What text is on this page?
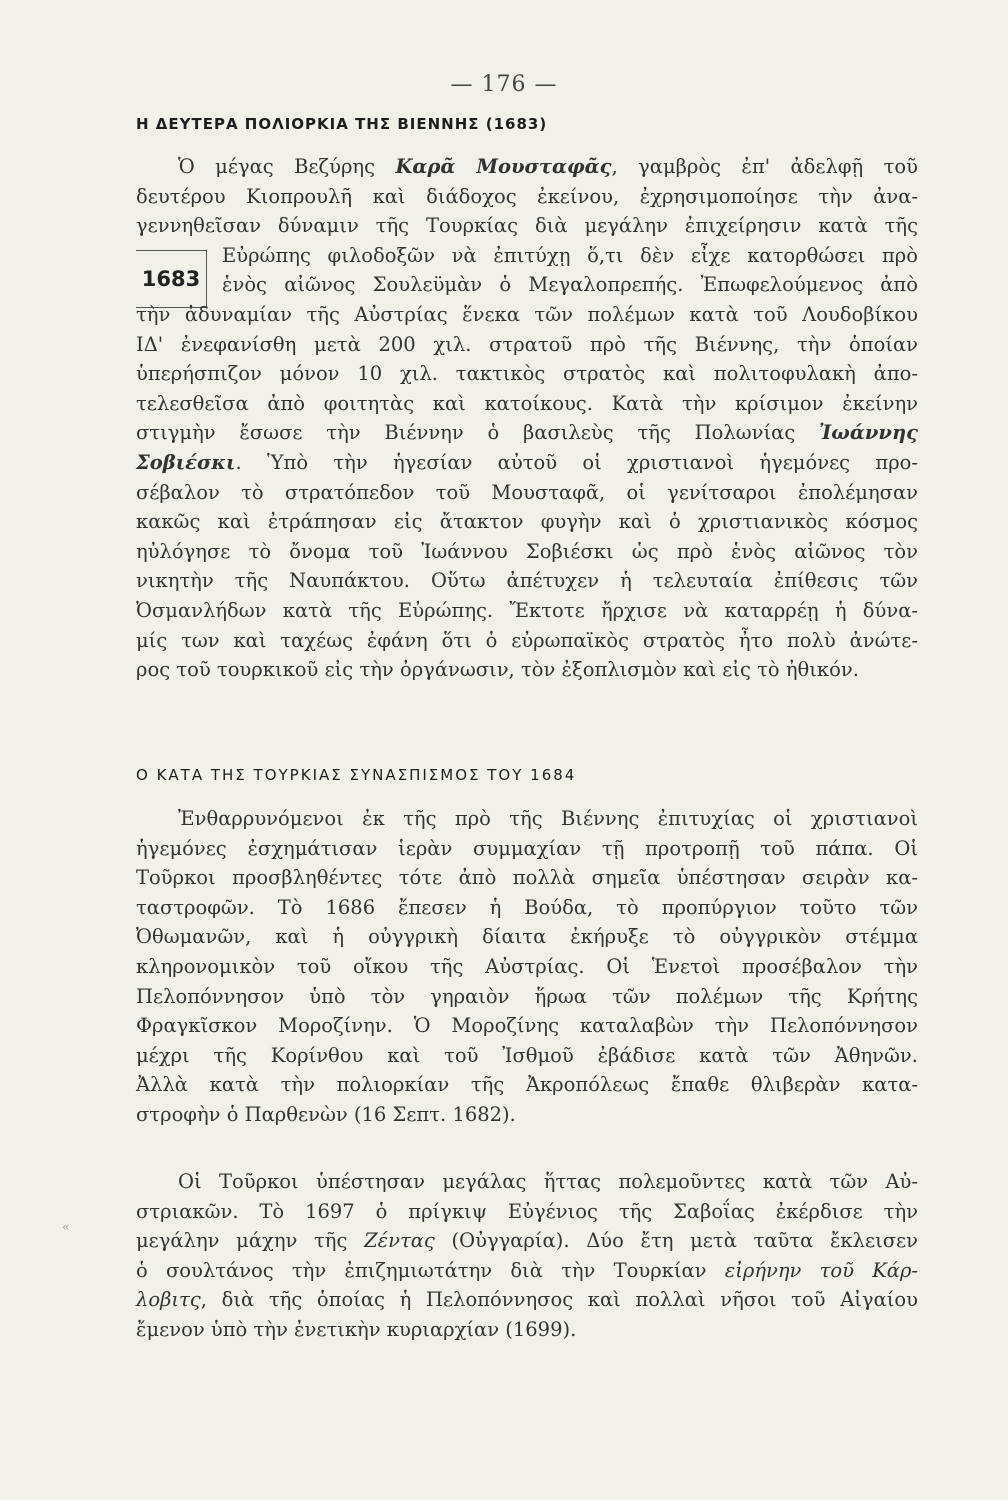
— 176 —
Η ΔΕΥΤΕΡΑ ΠΟΛΙΟΡΚΙΑ ΤΗΣ ΒΙΕΝΝΗΣ (1683)
1683
Ὁ μέγας Βεζύρης Καρᾶ Μουσταφᾶς, γαμβρὸς ἐπ' ἀδελφῇ τοῦ
δευτέρου Κιοπρουλῆ καὶ διάδοχος ἐκείνου, ἐχρησιμοποίησε τὴν ἀνα-
γεννηθεῖσαν δύναμιν τῆς Τουρκίας διὰ μεγάλην ἐπιχείρησιν κατὰ τῆς
Εὐρώπης φιλοδοξῶν νὰ ἐπιτύχῃ ὅ,τι δὲν εἶχε κατορθώσει πρὸ
ἑνὸς αἰῶνος Σουλεϋμὰν ὁ Μεγαλοπρεπής. Ἐπωφελούμενος ἀπὸ
τὴν ἀδυναμίαν τῆς Αὐστρίας ἕνεκα τῶν πολέμων κατὰ τοῦ Λουδοβίκου
ΙΔ' ἐνεφανίσθη μετὰ 200 χιλ. στρατοῦ πρὸ τῆς Βιέννης, τὴν ὁποίαν
ὑπερήσπιζον μόνον 10 χιλ. τακτικὸς στρατὸς καὶ πολιτοφυλακὴ ἀπο-
τελεσθεῖσα ἀπὸ φοιτητὰς καὶ κατοίκους. Κατὰ τὴν κρίσιμον ἐκείνην
στιγμὴν ἔσωσε τὴν Βιέννην ὁ βασιλεὺς τῆς Πολωνίας Ἰωάννης
Σοβιέσκι. Ὑπὸ τὴν ἡγεσίαν αὐτοῦ οἱ χριστιανοὶ ἡγεμόνες προ-
σέβαλον τὸ στρατόπεδον τοῦ Μουσταφᾶ, οἱ γενίτσαροι ἐπολέμησαν
κακῶς καὶ ἐτράπησαν εἰς ἄτακτον φυγὴν καὶ ὁ χριστιανικὸς κόσμος
ηὐλόγησε τὸ ὄνομα τοῦ Ἰωάννου Σοβιέσκι ὡς πρὸ ἑνὸς αἰῶνος τὸν
νικητὴν τῆς Ναυπάκτου. Οὕτω ἀπέτυχεν ἡ τελευταία ἐπίθεσις τῶν
Ὀσμανλήδων κατὰ τῆς Εὐρώπης. Ἔκτοτε ἤρχισε νὰ καταρρέῃ ἡ δύνα-
μίς των καὶ ταχέως ἐφάνη ὅτι ὁ εὐρωπαϊκὸς στρατὸς ἦτο πολὺ ἀνώτε-
ρος τοῦ τουρκικοῦ εἰς τὴν ὀργάνωσιν, τὸν ἐξοπλισμὸν καὶ εἰς τὸ ἠθικόν.
Ο ΚΑΤΑ ΤΗΣ ΤΟΥΡΚΙΑΣ ΣΥΝΑΣΠΙΣΜΟΣ ΤΟΥ 1684
Ἐνθαρρυνόμενοι ἐκ τῆς πρὸ τῆς Βιέννης ἐπιτυχίας οἱ χριστιανοὶ
ἡγεμόνες ἐσχημάτισαν ἱερὰν συμμαχίαν τῇ προτροπῇ τοῦ πάπα. Οἱ
Τοῦρκοι προσβληθέντες τότε ἀπὸ πολλὰ σημεῖα ὑπέστησαν σειρὰν κα-
ταστροφῶν. Τὸ 1686 ἔπεσεν ἡ Βούδα, τὸ προπύργιον τοῦτο τῶν
Ὀθωμανῶν, καὶ ἡ οὐγγρικὴ δίαιτα ἐκήρυξε τὸ οὐγγρικὸν στέμμα
κληρονομικὸν τοῦ οἴκου τῆς Αὐστρίας. Οἱ Ἑνετοὶ προσέβαλον τὴν
Πελοπόννησον ὑπὸ τὸν γηραιὸν ἥρωα τῶν πολέμων τῆς Κρήτης
Φραγκῖσκον Μοροζίνην. Ὁ Μοροζίνης καταλαβὼν τὴν Πελοπόννησον
μέχρι τῆς Κορίνθου καὶ τοῦ Ἰσθμοῦ ἐβάδισε κατὰ τῶν Ἀθηνῶν.
Ἀλλὰ κατὰ τὴν πολιορκίαν τῆς Ἀκροπόλεως ἔπαθε θλιβερὰν κατα-
στροφὴν ὁ Παρθενὼν (16 Σεπτ. 1682).
Οἱ Τοῦρκοι ὑπέστησαν μεγάλας ἥττας πολεμοῦντες κατὰ τῶν Αὐ-
στριακῶν. Τὸ 1697 ὁ πρίγκιψ Εὐγένιος τῆς Σαβοΐας ἐκέρδισε τὴν
μεγάλην μάχην τῆς Ζέντας (Οὐγγαρία). Δύο ἔτη μετὰ ταῦτα ἔκλεισεν
ὁ σουλτάνος τὴν ἐπιζημιωτάτην διὰ τὴν Τουρκίαν εἰρήνην τοῦ Κάρ-
λοβιτς, διὰ τῆς ὁποίας ἡ Πελοπόννησος καὶ πολλαὶ νῆσοι τοῦ Αἰγαίου
ἔμενον ὑπὸ τὴν ἐνετικὴν κυριαρχίαν (1699).
«
